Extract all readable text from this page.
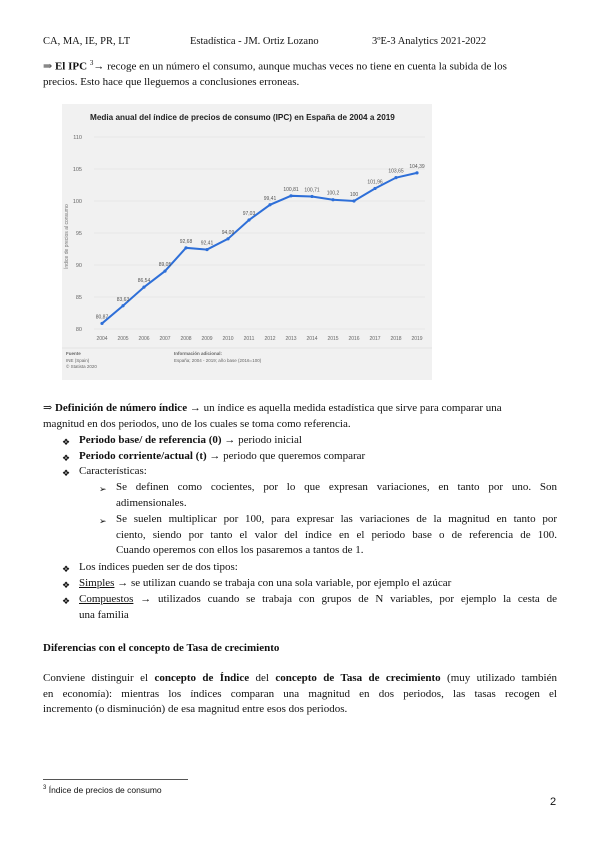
CA, MA, IE, PR, LT	Estadística - JM. Ortiz Lozano	3ºE-3 Analytics 2021-2022
⇒ El IPC $^3$→ recoge en un número el consumo, aunque muchas veces no tiene en cuenta la subida de los
precios. Esto hace que lleguemos a conclusiones erroneas.
Media anual del índice de precios de consumo (IPC) en España de 2004 a 2019
80
85
90
95
100
105
110
2004 2005 2006 2007 2008 2009 2010 2011 2012 2013 2014 2015 2016 2017 2018 2019
Índice de precios al consumo
80,87
83,63
86,54
89,05
92,68 92,41
94,09
97,03
99,41
100,81 100,71
100,2 100
101,96
103,65
104,39
Fuente
INE (Spain)
© Statista 2020
Información adicional:
España; 2004 - 2019; año base (2016=100)
⇒ Definición de número índice → un índice es aquella medida estadística que sirve para comparar una
magnitud en dos periodos, uno de los cuales se toma como referencia.
❖ Periodo base/ de referencia (0) → periodo inicial
❖ Periodo corriente/actual (t) → periodo que queremos comparar
❖ Características:
➢ Se definen como cocientes, por lo que expresan variaciones, en tanto por uno. Son
adimensionales.
➢ Se suelen multiplicar por 100, para expresar las variaciones de la magnitud en tanto por
ciento, siendo por tanto el valor del índice en el periodo base o de referencia de 100.
Cuando operemos con ellos los pasaremos a tantos de 1.
❖ Los índices pueden ser de dos tipos:
❖ Simples → se utilizan cuando se trabaja con una sola variable, por ejemplo el azúcar
❖ Compuestos → utilizados cuando se trabaja con grupos de N variables, por ejemplo la cesta de
una familia
Diferencias con el concepto de Tasa de crecimiento
Conviene distinguir el concepto de Índice del concepto de Tasa de crecimiento (muy utilizado también
en economía): mientras los índices comparan una magnitud en dos periodos, las tasas recogen el
incremento (o disminución) de esa magnitud entre esos dos periodos.
$^3$ Índice de precios de consumo
2
